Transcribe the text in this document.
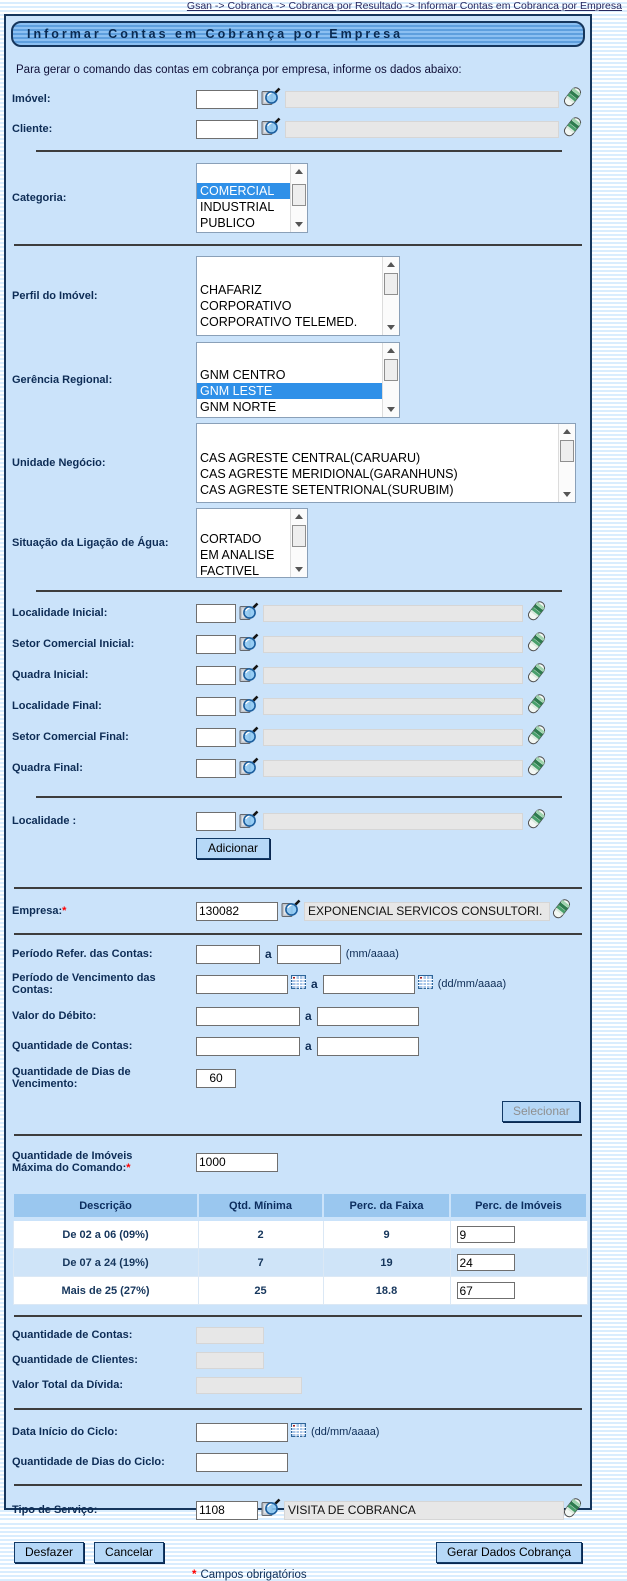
Gsan -> Cobranca -> Cobranca por Resultado -> Informar Contas em Cobranca por Empresa
Informar Contas em Cobrança por Empresa
Para gerar o comando das contas em cobrança por empresa, informe os dados abaixo:
Imóvel:
Cliente:
Categoria:	COMERCIAL
INDUSTRIAL
PUBLICO
Perfil do Imóvel:	CHAFARIZ
CORPORATIVO
CORPORATIVO TELEMED.
Gerência Regional:	GNM CENTRO
GNM LESTE
GNM NORTE
Unidade Negócio:	CAS AGRESTE CENTRAL(CARUARU)
CAS AGRESTE MERIDIONAL(GARANHUNS)
CAS AGRESTE SETENTRIONAL(SURUBIM)
Situação da Ligação de Água:	CORTADO
EM ANALISE
FACTIVEL
Localidade Inicial:
Setor Comercial Inicial:
Quadra Inicial:
Localidade Final:
Setor Comercial Final:
Quadra Final:
Localidade :
Adicionar
Empresa:*
130082	EXPONENCIAL SERVICOS CONSULTORI.
Período Refer. das Contas:	a	(mm/aaaa)
Período de Vencimento das Contas:	a	(dd/mm/aaaa)
Valor do Débito:	a
Quantidade de Contas:	a
Quantidade de Dias de Vencimento:
60
Selecionar
Quantidade de Imóveis Máxima do Comando:*
1000
Descrição	Qtd. Mínima	Perc. da Faixa	Perc. de Imóveis
De 02 a 06 (09%)	2	9	9
De 07 a 24 (19%)	7	19	24
Mais de 25 (27%)	25	18.8	67
Quantidade de Contas:
Quantidade de Clientes:
Valor Total da Dívida:
Data Início do Ciclo:	(dd/mm/aaaa)
Quantidade de Dias do Ciclo:
Tipo de Serviço:
1108	VISITA DE COBRANCA
Desfazer	Cancelar	Gerar Dados Cobrança
* Campos obrigatórios
